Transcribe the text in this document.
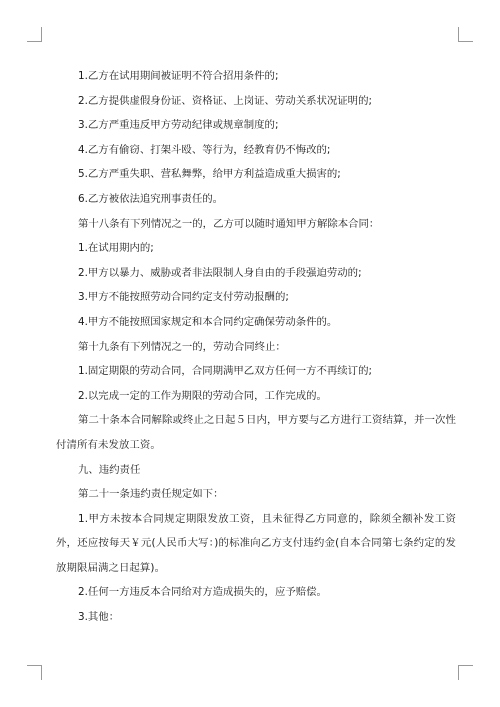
1.乙方在试用期间被证明不符合招用条件的;

2.乙方提供虚假身份证、资格证、上岗证、劳动关系状况证明的;

3.乙方严重违反甲方劳动纪律或规章制度的;

4.乙方有偷窃、打架斗殴、等行为，经教育仍不悔改的;

5.乙方严重失职、营私舞弊，给甲方利益造成重大损害的;

6.乙方被依法追究刑事责任的。

第十八条有下列情况之一的，乙方可以随时通知甲方解除本合同：

1.在试用期内的;

2.甲方以暴力、威胁或者非法限制人身自由的手段强迫劳动的;

3.甲方不能按照劳动合同约定支付劳动报酬的;

4.甲方不能按照国家规定和本合同约定确保劳动条件的。

第十九条有下列情况之一的，劳动合同终止：

1.固定期限的劳动合同，合同期满甲乙双方任何一方不再续订的;

2.以完成一定的工作为期限的劳动合同，工作完成的。

第二十条本合同解除或终止之日起５日内，甲方要与乙方进行工资结算，并一次性付清所有未发放工资。

九、违约责任

第二十一条违约责任规定如下：

1.甲方未按本合同规定期限发放工资，且未征得乙方同意的，除须全额补发工资外，还应按每天￥元(人民币大写：)的标准向乙方支付违约金(自本合同第七条约定的发放期限届满之日起算)。

2.任何一方违反本合同给对方造成损失的，应予赔偿。

3.其他：
